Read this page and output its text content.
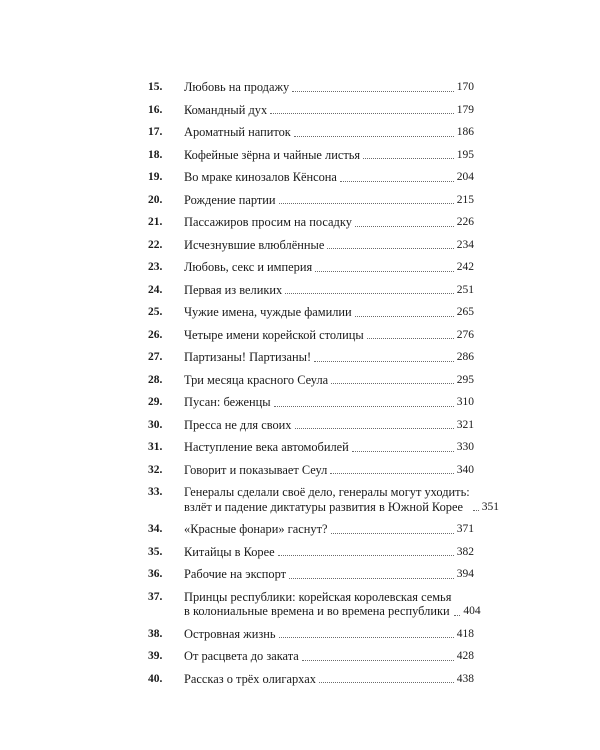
15.	Любовь на продажу	170
16.	Командный дух	179
17.	Ароматный напиток	186
18.	Кофейные зёрна и чайные листья	195
19.	Во мраке кинозалов Кёнсона	204
20.	Рождение партии	215
21.	Пассажиров просим на посадку	226
22.	Исчезнувшие влюблённые	234
23.	Любовь, секс и империя	242
24.	Первая из великих	251
25.	Чужие имена, чуждые фамилии	265
26.	Четыре имени корейской столицы	276
27.	Партизаны! Партизаны!	286
28.	Три месяца красного Сеула	295
29.	Пусан: беженцы	310
30.	Пресса не для своих	321
31.	Наступление века автомобилей	330
32.	Говорит и показывает Сеул	340
33.	Генералы сделали своё дело, генералы могут уходить:
взлёт и падение диктатуры развития в Южной Корее	351
34.	«Красные фонари» гаснут?	371
35.	Китайцы в Корее	382
36.	Рабочие на экспорт	394
37.	Принцы республики: корейская королевская семья
в колониальные времена и во времена республики 404
38.	Островная жизнь	418
39.	От расцвета до заката	428
40.	Рассказ о трёх олигархах	438
